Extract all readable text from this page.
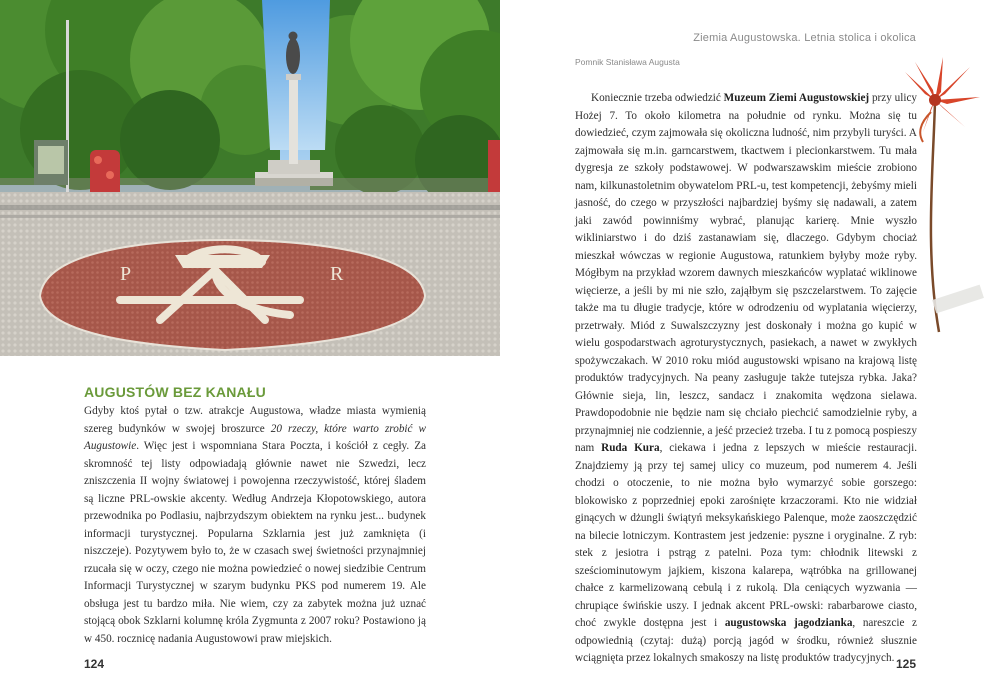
P	R
AUGUSTÓW BEZ KANAŁU

Gdyby ktoś pytał o tzw. atrakcje Augustowa, władze miasta wymienią szereg budynków w swojej broszurce 20 rzeczy, które warto zrobić w Augustowie. Więc jest i wspomniana Stara Poczta, i kościół z cegły. Za skromność tej listy odpowiadają głównie nawet nie Szwedzi, lecz zniszczenia II wojny światowej i powojenna rzeczywistość, której śladem są liczne PRL-owskie akcenty. Według Andrzeja Kłopotowskiego, autora przewodnika po Podlasiu, najbrzydszym obiektem na rynku jest... budynek informacji turystycznej. Popularna Szklarnia jest już zamknięta (i niszczeje). Pozytywem było to, że w czasach swej świetności przynajmniej rzucała się w oczy, czego nie można powiedzieć o nowej siedzibie Centrum Informacji Turystycznej w szarym budynku PKS pod numerem 19. Ale obsługa jest tu bardzo miła. Nie wiem, czy za zabytek można już uznać stojącą obok Szklarni kolumnę króla Zygmunta z 2007 roku? Postawiono ją w 450. rocznicę nadania Augustowowi praw miejskich.

124
Ziemia Augustowska. Letnia stolica i okolica
Pomnik Stanisława Augusta

Koniecznie trzeba odwiedzić Muzeum Ziemi Augustowskiej przy ulicy Hożej 7. To około kilometra na południe od rynku. Można się tu dowiedzieć, czym zajmowała się okoliczna ludność, nim przybyli turyści. A zajmowała się m.in. garncarstwem, tkactwem i plecionkarstwem. Tu mała dygresja ze szkoły podstawowej. W podwarszawskim mieście zrobiono nam, kilkunastoletnim obywatelom PRL-u, test kompetencji, żebyśmy mieli jasność, do czego w przyszłości najbardziej byśmy się nadawali, a zatem jaki zawód powinniśmy wybrać, planując karierę. Mnie wyszło wikliniarstwo i do dziś zastanawiam się, dlaczego. Gdybym chociaż mieszkał wówczas w regionie Augustowa, ratunkiem byłyby może ryby. Mógłbym na przykład wzorem dawnych mieszkańców wyplatać wiklinowe więcierze, a jeśli by mi nie szło, zająłbym się pszczelarstwem. To zajęcie także ma tu długie tradycje, które w odrodzeniu od wyplatania więcierzy, przetrwały. Miód z Suwalszczyzny jest doskonały i można go kupić w wielu gospodarstwach agroturystycznych, pasiekach, a nawet w zwykłych spożywczakach. W 2010 roku miód augustowski wpisano na krajową listę produktów tradycyjnych. Na peany zasługuje także tutejsza rybka. Jaka? Głównie sieja, lin, leszcz, sandacz i znakomita wędzona sielawa. Prawdopodobnie nie będzie nam się chciało piechcić samodzielnie ryby, a przynajmniej nie codziennie, a jeść przecież trzeba. I tu z pomocą pospieszy nam Ruda Kura, ciekawa i jedna z lepszych w mieście restauracji. Znajdziemy ją przy tej samej ulicy co muzeum, pod numerem 4. Jeśli chodzi o otoczenie, to nie można było wymarzyć sobie gorszego: blokowisko z poprzedniej epoki zarośnięte krzaczorami. Kto nie widział ginących w dżungli świątyń meksykańskiego Palenque, może zaoszczędzić na bilecie lotniczym. Kontrastem jest jedzenie: pyszne i oryginalne. Z ryb: stek z jesiotra i pstrąg z patelni. Poza tym: chłodnik litewski z sześciominutowym jajkiem, kiszona kalarepa, wątróbka na grillowanej chałce z karmelizowaną cebulą i z rukolą. Dla ceniących wyzwania — chrupiące świńskie uszy. I jednak akcent PRL-owski: rabarbarowe ciasto, choć zwykle dostępna jest i augustowska jagodzianka, nareszcie z odpowiednią (czytaj: dużą) porcją jagód w środku, również słusznie wciągnięta przez lokalnych smakoszy na listę produktów tradycyjnych. 125
